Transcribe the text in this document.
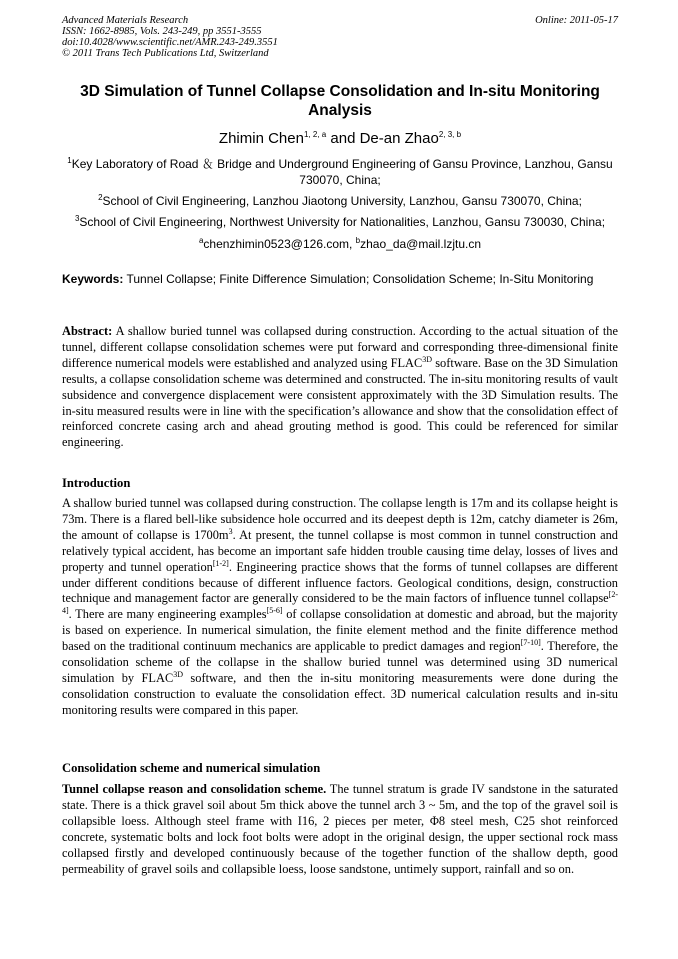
Advanced Materials Research
ISSN: 1662-8985, Vols. 243-249, pp 3551-3555
doi:10.4028/www.scientific.net/AMR.243-249.3551
© 2011 Trans Tech Publications Ltd, Switzerland
Online: 2011-05-17
3D Simulation of Tunnel Collapse Consolidation and In-situ Monitoring Analysis
Zhimin Chen$^{1, 2, a}$ and De-an Zhao$^{2, 3, b}$
$^1$Key Laboratory of Road ＆ Bridge and Underground Engineering of Gansu Province, Lanzhou, Gansu 730070, China;
$^2$School of Civil Engineering, Lanzhou Jiaotong University, Lanzhou, Gansu 730070, China;
$^3$School of Civil Engineering, Northwest University for Nationalities, Lanzhou, Gansu 730030, China;
$^a$chenzhimin0523@126.com, $^b$zhao_da@mail.lzjtu.cn
Keywords: Tunnel Collapse; Finite Difference Simulation; Consolidation Scheme; In-Situ Monitoring
Abstract: A shallow buried tunnel was collapsed during construction. According to the actual situation of the tunnel, different collapse consolidation schemes were put forward and corresponding three-dimensional finite difference numerical models were established and analyzed using $FLAC^{3D}$ software. Base on the 3D Simulation results, a collapse consolidation scheme was determined and constructed. The in-situ monitoring results of vault subsidence and convergence displacement were consistent approximately with the 3D Simulation results. The in-situ measured results were in line with the specification’s allowance and show that the consolidation effect of reinforced concrete casing arch and ahead grouting method is good. This could be referenced for similar engineering.
Introduction
A shallow buried tunnel was collapsed during construction. The collapse length is 17m and its collapse height is 73m. There is a flared bell-like subsidence hole occurred and its deepest depth is 12m, catchy diameter is 26m, the amount of collapse is $1700m^3$. At present, the tunnel collapse is most common in tunnel construction and relatively typical accident, has become an important safe hidden trouble causing time delay, losses of lives and property and tunnel operation[1-2]. Engineering practice shows that the forms of tunnel collapses are different under different conditions because of different influence factors. Geological conditions, design, construction technique and management factor are generally considered to be the main factors of influence tunnel collapse[2-4]. There are many engineering examples[5-6] of collapse consolidation at domestic and abroad, but the majority is based on experience. In numerical simulation, the finite element method and the finite difference method based on the traditional continuum mechanics are applicable to predict damages and region[7-10]. Therefore, the consolidation scheme of the collapse in the shallow buried tunnel was determined using 3D numerical simulation by $FLAC^{3D}$ software, and then the in-situ monitoring measurements were done during the consolidation construction to evaluate the consolidation effect. 3D numerical calculation results and in-situ monitoring results were compared in this paper.
Consolidation scheme and numerical simulation
Tunnel collapse reason and consolidation scheme. The tunnel stratum is grade IV sandstone in the saturated state. There is a thick gravel soil about 5m thick above the tunnel arch 3 ~ 5m, and the top of the gravel soil is collapsible loess. Although steel frame with I16, 2 pieces per meter, Φ8 steel mesh, C25 shot reinforced concrete, systematic bolts and lock foot bolts were adopt in the original design, the upper sectional rock mass collapsed firstly and developed continuously because of the together function of the shallow depth, good permeability of gravel soils and collapsible loess, loose sandstone, untimely support, rainfall and so on.
